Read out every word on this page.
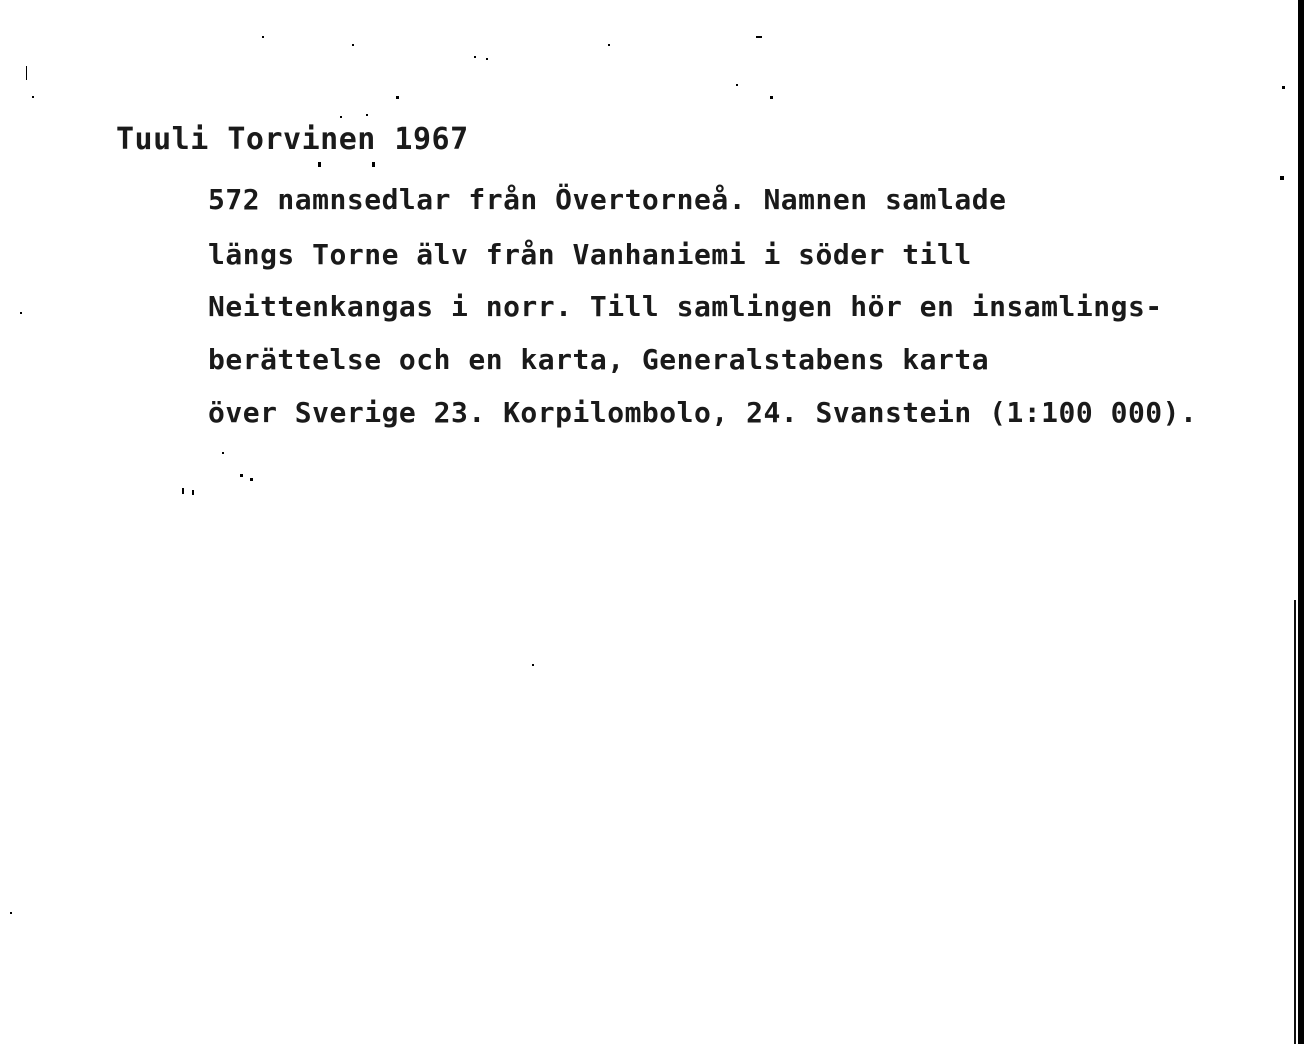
Tuuli Torvinen 1967
572 namnsedlar från Övertorneå. Namnen samlade
längs Torne älv från Vanhaniemi i söder till
Neittenkangas i norr. Till samlingen hör en insamlings-
berättelse och en karta, Generalstabens karta
över Sverige 23. Korpilombolo, 24. Svanstein (1:100 000).
